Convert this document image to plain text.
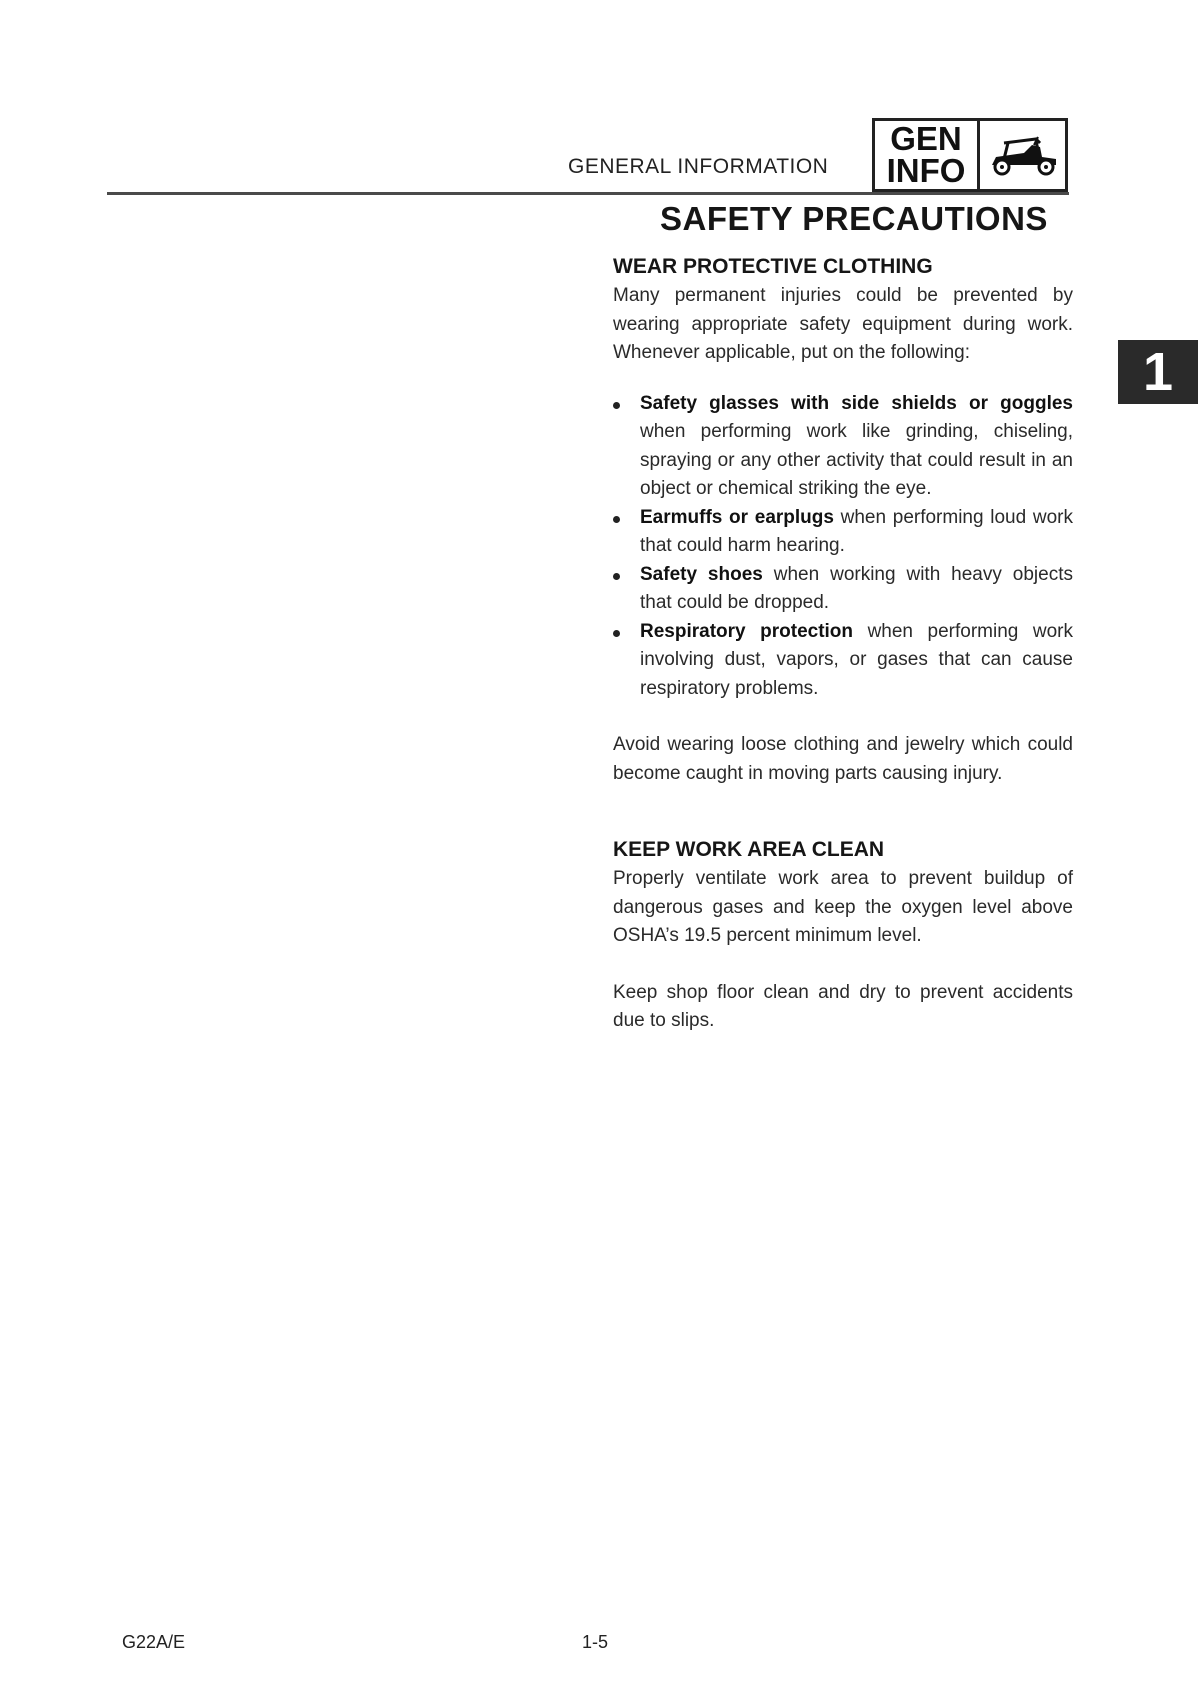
GENERAL INFORMATION
GEN
INFO
1
SAFETY PRECAUTIONS
WEAR PROTECTIVE CLOTHING

Many permanent injuries could be prevented by wearing appropriate safety equipment during work. Whenever applicable, put on the following:

Safety glasses with side shields or goggles when performing work like grinding, chiseling, spraying or any other activity that could result in an object or chemical striking the eye.
Earmuffs or earplugs when performing loud work that could harm hearing.
Safety shoes when working with heavy objects that could be dropped.
Respiratory protection when performing work involving dust, vapors, or gases that can cause respiratory problems.

Avoid wearing loose clothing and jewelry which could become caught in moving parts causing injury.

KEEP WORK AREA CLEAN

Properly ventilate work area to prevent buildup of dangerous gases and keep the oxygen level above OSHA’s 19.5 percent minimum level.

Keep shop floor clean and dry to prevent accidents due to slips.

G22A/E	1-5
